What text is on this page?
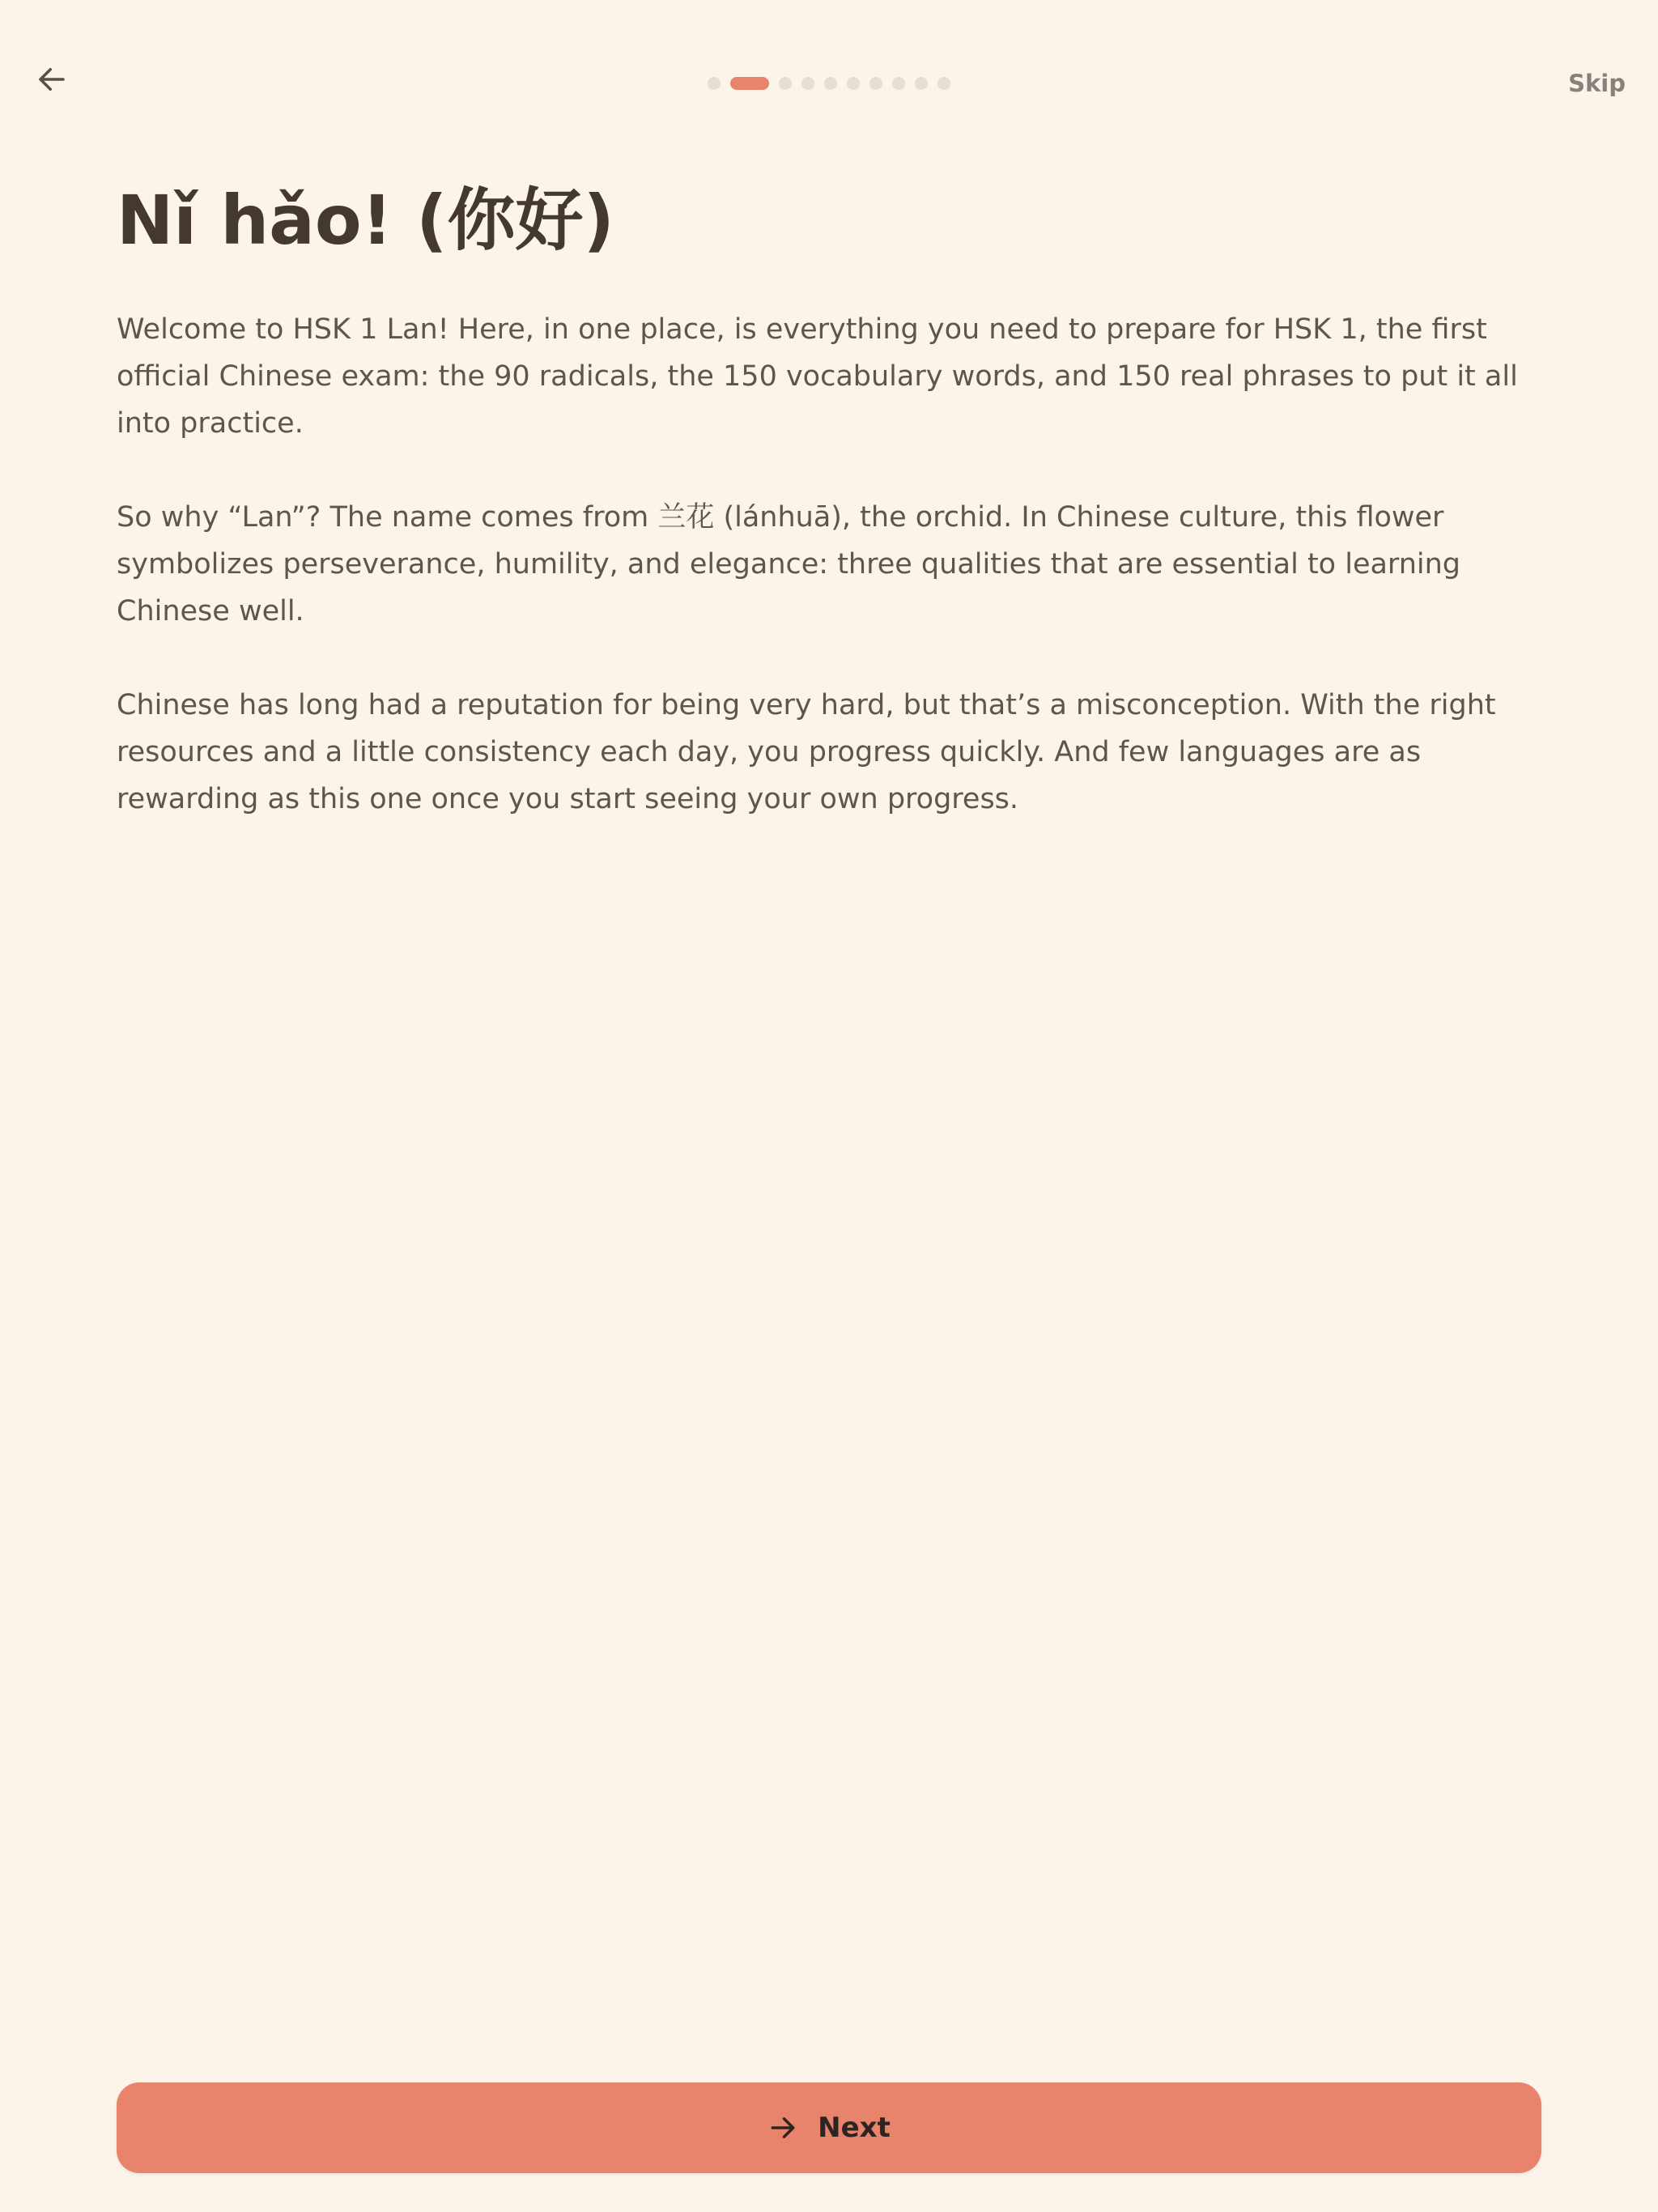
Skip
Nǐ hǎo! (你好)

Welcome to HSK 1 Lan! Here, in one place, is everything you need to prepare for HSK 1, the first official Chinese exam: the 90 radicals, the 150 vocabulary words, and 150 real phrases to put it all into practice.

So why “Lan”? The name comes from 兰花 (lánhuā), the orchid. In Chinese culture, this flower symbolizes perseverance, humility, and elegance: three qualities that are essential to learning Chinese well.

Chinese has long had a reputation for being very hard, but that’s a misconception. With the right resources and a little consistency each day, you progress quickly. And few languages are as rewarding as this one once you start seeing your own progress.

Next
